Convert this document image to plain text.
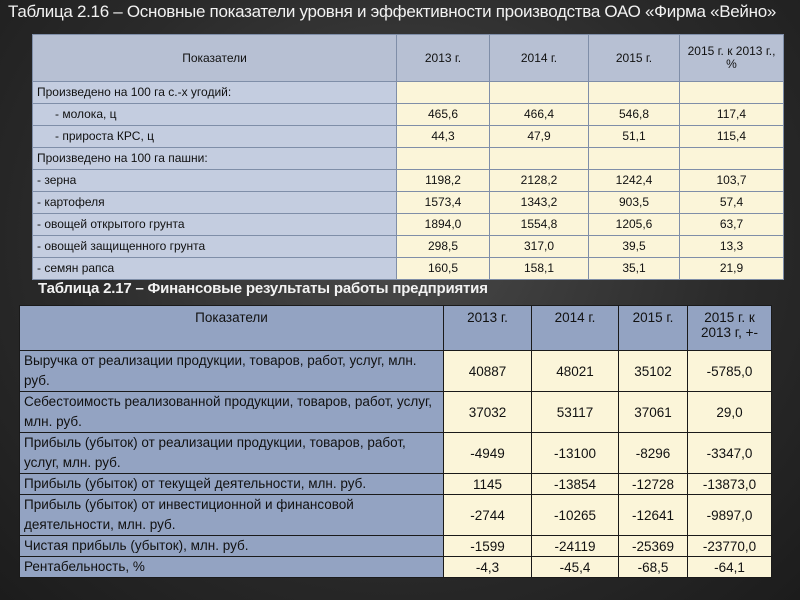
Таблица 2.16 – Основные показатели уровня и эффективности производства ОАО «Фирма «Вейно»
Показатели	2013 г.	2014 г.	2015 г.	2015 г. к 2013 г., %
Произведено на 100 га с.-х угодий:				
- молока, ц	465,6	466,4	546,8	117,4
- прироста КРС, ц	44,3	47,9	51,1	115,4
Произведено на 100 га пашни:				
- зерна	1198,2	2128,2	1242,4	103,7
- картофеля	1573,4	1343,2	903,5	57,4
- овощей открытого грунта	1894,0	1554,8	1205,6	63,7
- овощей защищенного грунта	298,5	317,0	39,5	13,3
- семян рапса	160,5	158,1	35,1	21,9
Таблица 2.17 – Финансовые результаты работы предприятия
Показатели	2013 г.	2014 г.	2015 г.	2015 г. к 2013 г, +-
Выручка от реализации продукции, товаров, работ, услуг, млн. руб.	40887	48021	35102	-5785,0
Себестоимость реализованной продукции, товаров, работ, услуг, млн. руб.	37032	53117	37061	29,0
Прибыль (убыток) от реализации продукции, товаров, работ, услуг, млн. руб.	-4949	-13100	-8296	-3347,0
Прибыль (убыток) от текущей деятельности, млн. руб.	1145	-13854	-12728	-13873,0
Прибыль (убыток) от инвестиционной и финансовой деятельности, млн. руб.	-2744	-10265	-12641	-9897,0
Чистая прибыль (убыток), млн. руб.	-1599	-24119	-25369	-23770,0
Рентабельность, %	-4,3	-45,4	-68,5	-64,1
